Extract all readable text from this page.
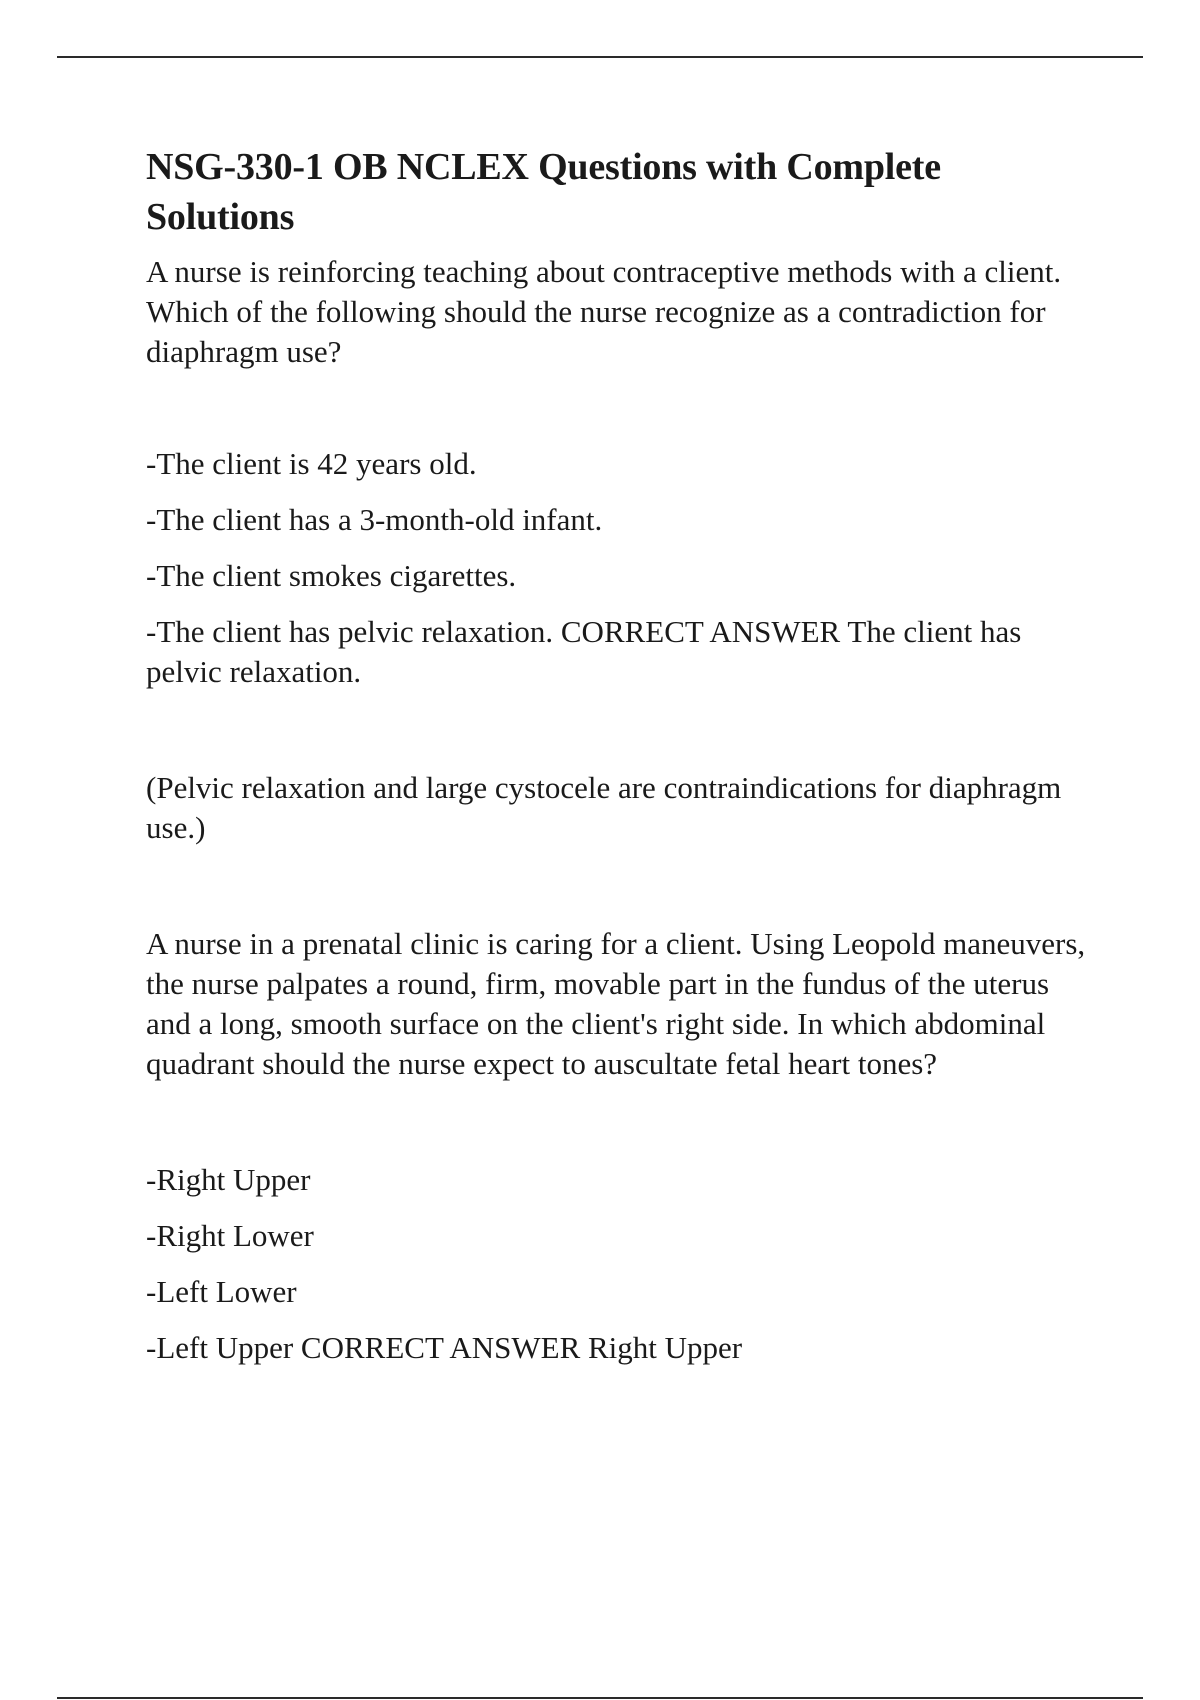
NSG-330-1 OB NCLEX Questions with Complete Solutions

A nurse is reinforcing teaching about contraceptive methods with a client. Which of the following should the nurse recognize as a contradiction for diaphragm use?

-The client is 42 years old.

-The client has a 3-month-old infant.

-The client smokes cigarettes.

-The client has pelvic relaxation. CORRECT ANSWER The client has pelvic relaxation.

(Pelvic relaxation and large cystocele are contraindications for diaphragm use.)

A nurse in a prenatal clinic is caring for a client. Using Leopold maneuvers, the nurse palpates a round, firm, movable part in the fundus of the uterus and a long, smooth surface on the client's right side. In which abdominal quadrant should the nurse expect to auscultate fetal heart tones?

-Right Upper

-Right Lower

-Left Lower

-Left Upper CORRECT ANSWER Right Upper
